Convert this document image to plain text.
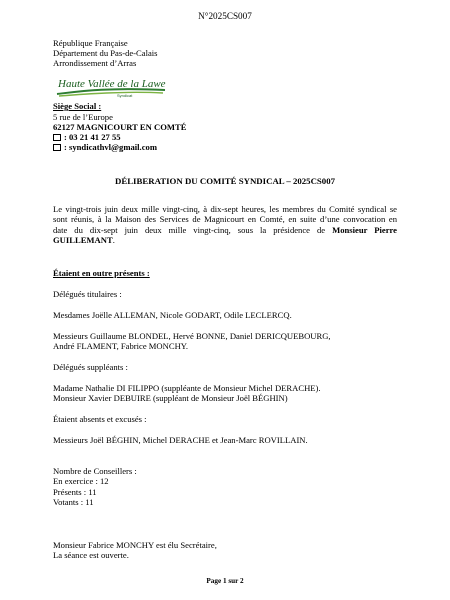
N°2025CS007
République Française
Département du Pas-de-Calais
Arrondissement d’Arras
Haute Vallée de la Lawe
Syndicat
Siège Social :
5 rue de l’Europe
62127 MAGNICOURT EN COMTÉ
: 03 21 41 27 55
: syndicathvl@gmail.com
DÉLIBERATION DU COMITÉ SYNDICAL – 2025CS007
Le vingt-trois juin deux mille vingt-cinq, à dix-sept heures, les membres du Comité syndical se
sont réunis, à la Maison des Services de Magnicourt en Comté, en suite d’une convocation en
date du dix-sept juin deux mille vingt-cinq, sous la présidence de Monsieur Pierre
GUILLEMANT.
Étaient en outre présents :
Délégués titulaires :
Mesdames Joëlle ALLEMAN, Nicole GODART, Odile LECLERCQ.
Messieurs Guillaume BLONDEL, Hervé BONNE, Daniel DERICQUEBOURG,
André FLAMENT, Fabrice MONCHY.
Délégués suppléants :
Madame Nathalie DI FILIPPO (suppléante de Monsieur Michel DERACHE).
Monsieur Xavier DEBUIRE (suppléant de Monsieur Joël BÉGHIN)
Étaient absents et excusés :
Messieurs Joël BÉGHIN, Michel DERACHE et Jean-Marc ROVILLAIN.
Nombre de Conseillers :
En exercice : 12
Présents : 11
Votants : 11
Monsieur Fabrice MONCHY est élu Secrétaire,
La séance est ouverte.
Page 1 sur 2
